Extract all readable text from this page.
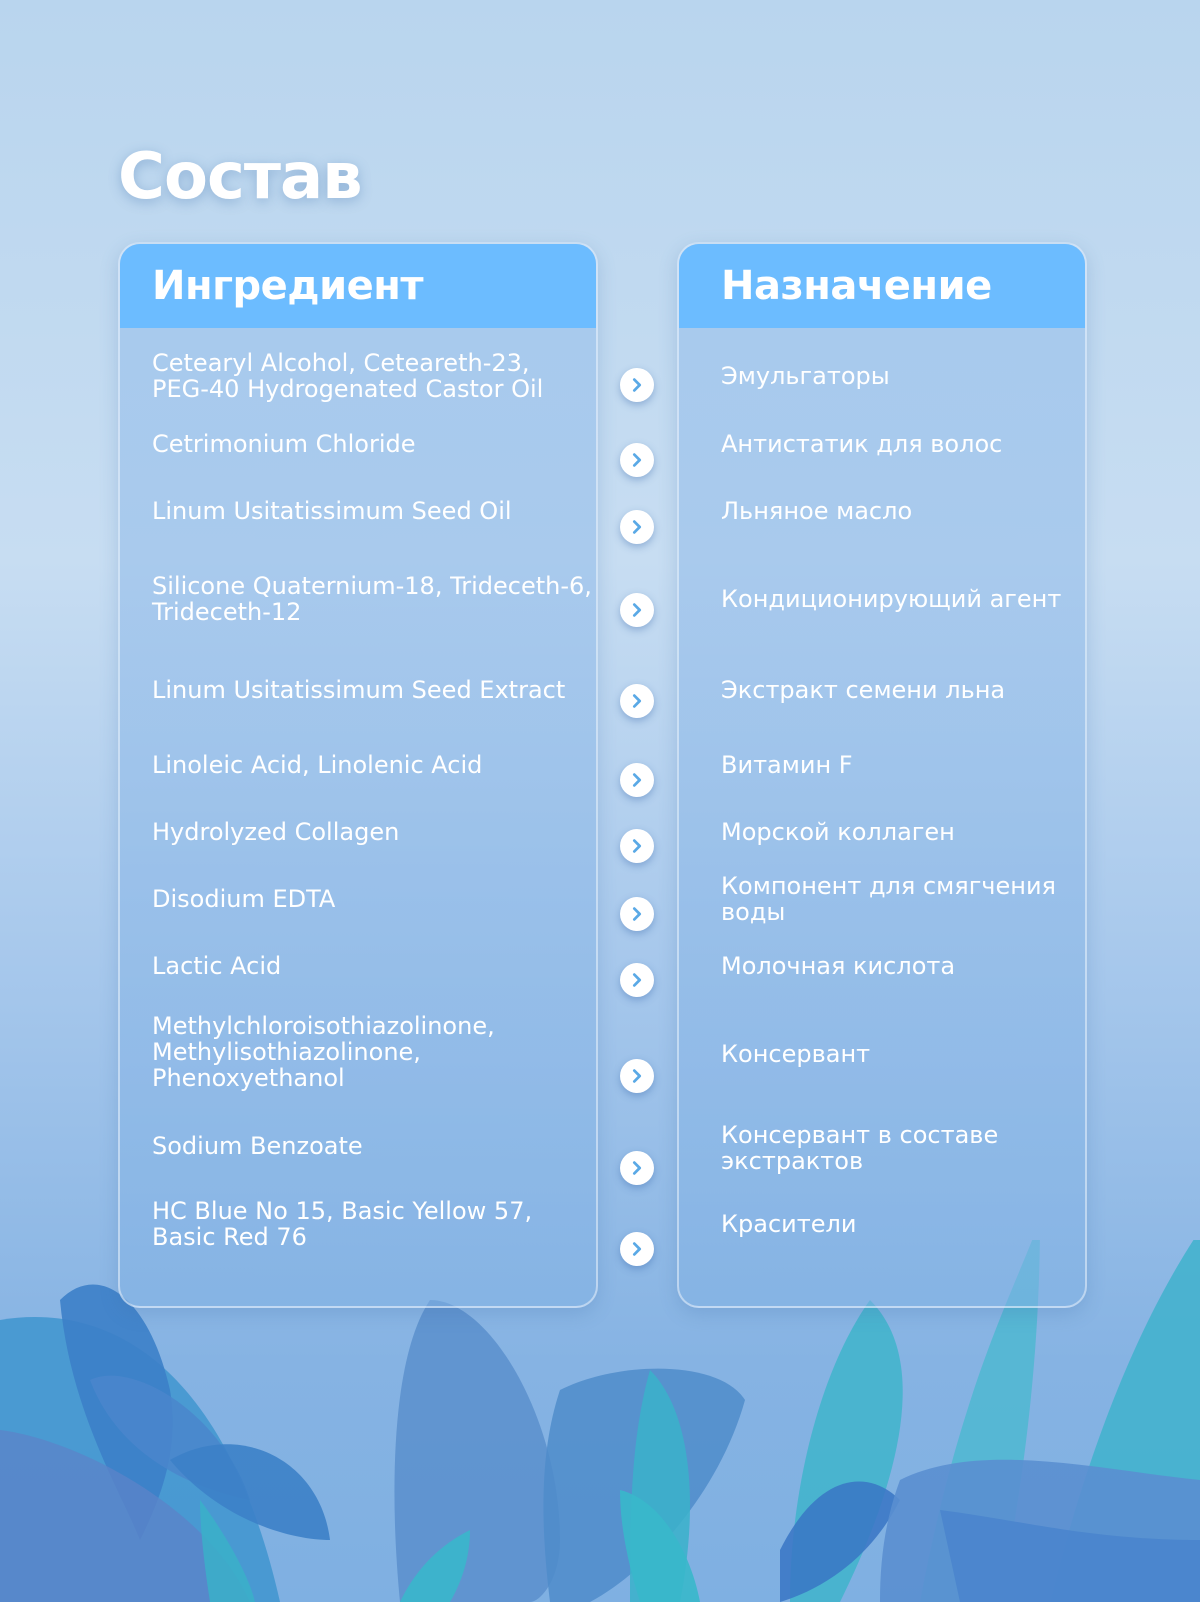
Состав
Ингредиент
Cetearyl Alcohol, Ceteareth-23, PEG-40 Hydrogenated Castor Oil
Cetrimonium Chloride
Linum Usitatissimum Seed Oil
Silicone Quaternium-18, Trideceth-6, Trideceth-12
Linum Usitatissimum Seed Extract
Linoleic Acid, Linolenic Acid
Hydrolyzed Collagen
Disodium EDTA
Lactic Acid
Methylchloroisothiazolinone, Methylisothiazolinone, Phenoxyethanol
Sodium Benzoate
HC Blue No 15, Basic Yellow 57, Basic Red 76
Назначение
Эмульгаторы
Антистатик для волос
Льняное масло
Кондиционирующий агент
Экстракт семени льна
Витамин F
Морской коллаген
Компонент для смягчения воды
Молочная кислота
Консервант
Консервант в составе экстрактов
Красители
